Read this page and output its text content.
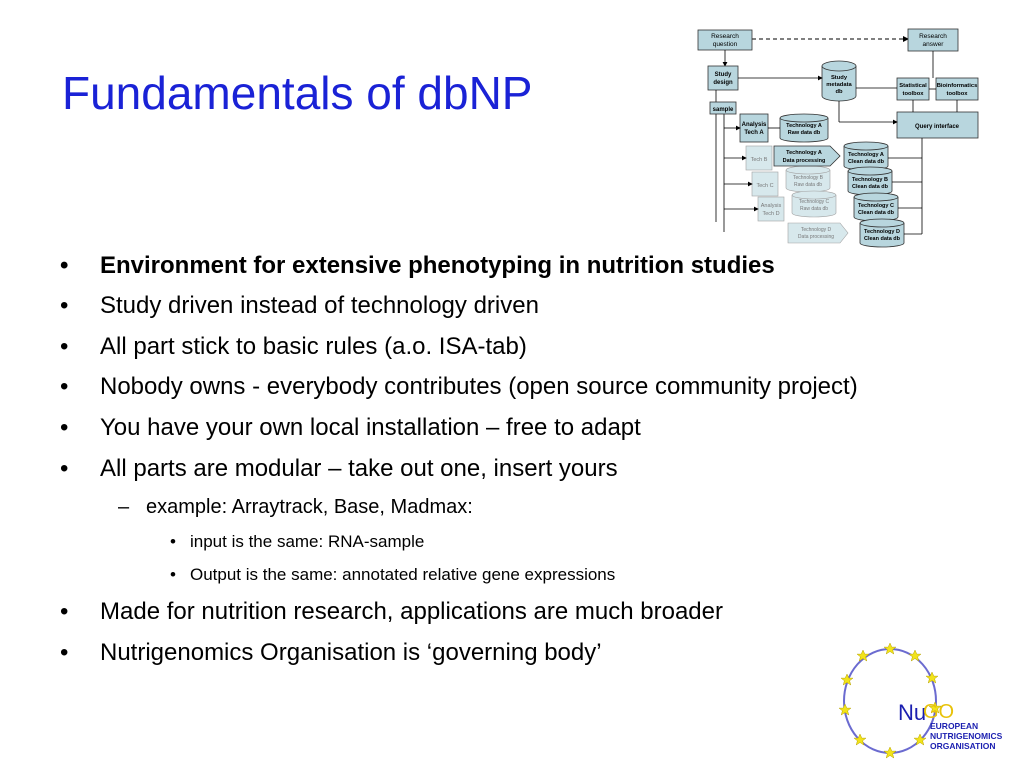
Fundamentals of dbNP
• Environment for extensive phenotyping in nutrition studies
• Study driven instead of technology driven
• All part stick to basic rules (a.o. ISA-tab)
• Nobody owns - everybody contributes (open source community project)
• You have your own local installation – free to adapt
• All parts are modular – take out one, insert yours
– example: Arraytrack, Base, Madmax:
• input is the same: RNA-sample
• Output is the same: annotated relative gene expressions
• Made for nutrition research, applications are much broader
• Nutrigenomics Organisation is ‘governing body’
Research
question
Research
answer
Study
design
Study
metadata
db
Statistical
toolbox
Bioinformatics
toolbox
Query interface
sample
Tech B
Tech C
Analysis
Tech D
Technology B
Raw data db
Technology C
Raw data db
Technology D
Data processing
Analysis
Tech A
Technology A
Raw data db
Technology A
Data processing
Technology A
Clean data db
Technology B
Clean data db
Technology C
Clean data db
Technology D
Clean data db
Nu
GO
EUROPEAN
NUTRIGENOMICS
ORGANISATION
